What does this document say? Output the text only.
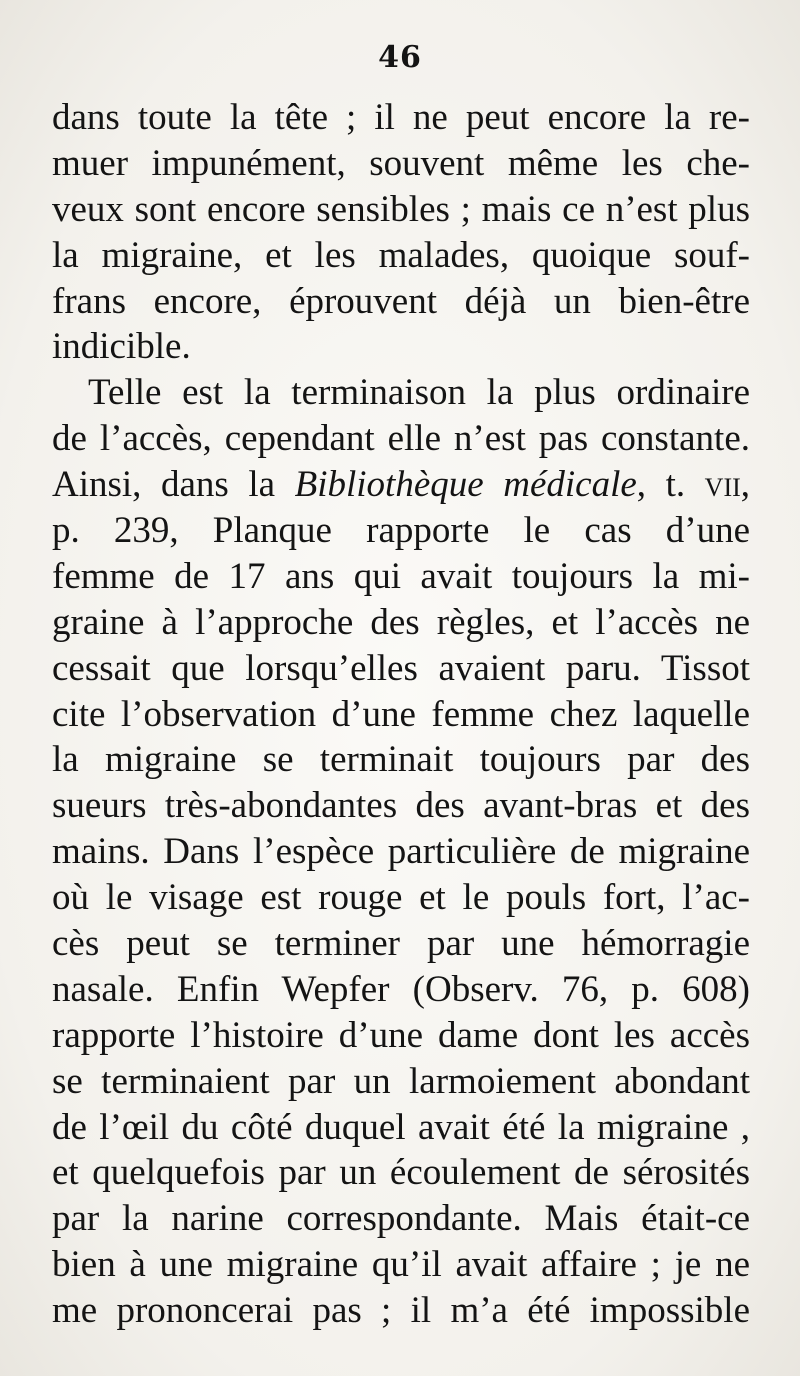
46
dans toute la tête ; il ne peut encore la re-
muer impunément, souvent même les che-
veux sont encore sensibles ; mais ce n’est plus
la migraine, et les malades, quoique souf-
frans encore, éprouvent déjà un bien-être
indicible.
Telle est la terminaison la plus ordinaire
de l’accès, cependant elle n’est pas constante.
Ainsi, dans la Bibliothèque médicale, t. vii,
p. 239, Planque rapporte le cas d’une
femme de 17 ans qui avait toujours la mi-
graine à l’approche des règles, et l’accès ne
cessait que lorsqu’elles avaient paru. Tissot
cite l’observation d’une femme chez laquelle
la migraine se terminait toujours par des
sueurs très-abondantes des avant-bras et des
mains. Dans l’espèce particulière de migraine
où le visage est rouge et le pouls fort, l’ac-
cès peut se terminer par une hémorragie
nasale. Enfin Wepfer (Observ. 76, p. 608)
rapporte l’histoire d’une dame dont les accès
se terminaient par un larmoiement abondant
de l’œil du côté duquel avait été la migraine ,
et quelquefois par un écoulement de sérosités
par la narine correspondante. Mais était-ce
bien à une migraine qu’il avait affaire ; je ne
me prononcerai pas ; il m’a été impossible
